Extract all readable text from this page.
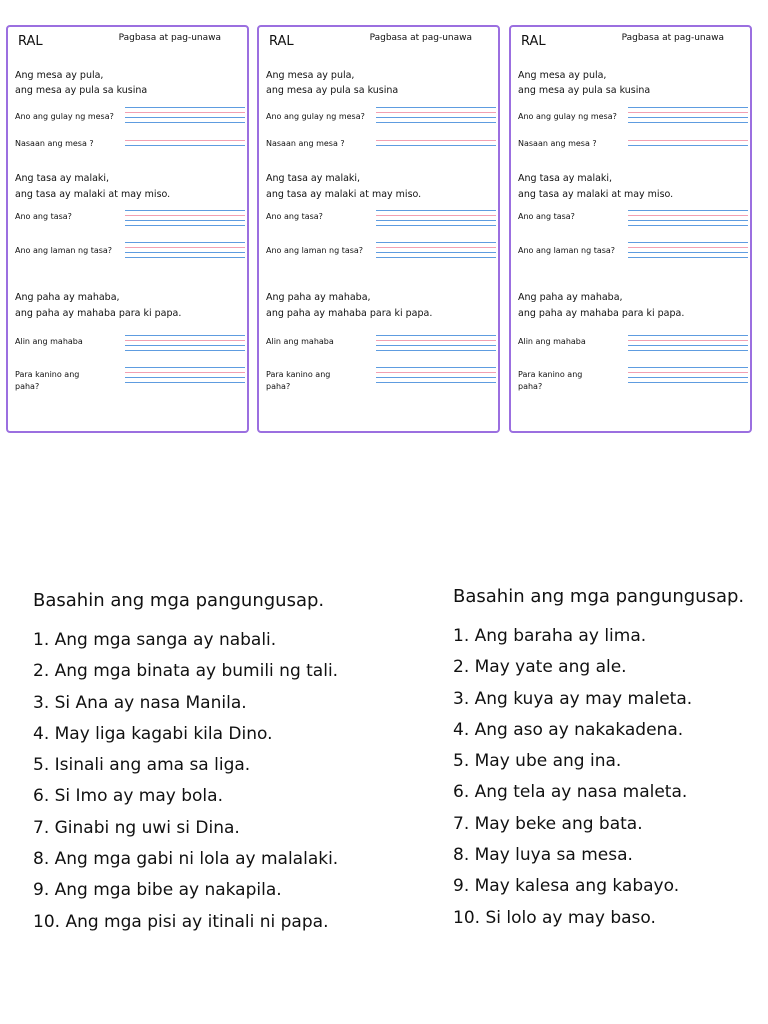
RAL	Pagbasa at pag-unawa
Ang mesa ay pula,
ang mesa ay pula sa kusina
Ano ang gulay ng mesa?
Nasaan ang mesa ?
Ang tasa ay malaki,
ang tasa ay malaki at may miso.
Ano ang tasa?
Ano ang laman ng tasa?
Ang paha ay mahaba,
ang paha ay mahaba para ki papa.
Alin ang mahaba
Para kanino ang
paha?
RAL	Pagbasa at pag-unawa
Ang mesa ay pula,
ang mesa ay pula sa kusina
Ano ang gulay ng mesa?
Nasaan ang mesa ?
Ang tasa ay malaki,
ang tasa ay malaki at may miso.
Ano ang tasa?
Ano ang laman ng tasa?
Ang paha ay mahaba,
ang paha ay mahaba para ki papa.
Alin ang mahaba
Para kanino ang
paha?
RAL	Pagbasa at pag-unawa
Ang mesa ay pula,
ang mesa ay pula sa kusina
Ano ang gulay ng mesa?
Nasaan ang mesa ?
Ang tasa ay malaki,
ang tasa ay malaki at may miso.
Ano ang tasa?
Ano ang laman ng tasa?
Ang paha ay mahaba,
ang paha ay mahaba para ki papa.
Alin ang mahaba
Para kanino ang
paha?
Basahin ang mga pangungusap.
1. Ang mga sanga ay nabali.
2. Ang mga binata ay bumili ng tali.
3. Si Ana ay nasa Manila.
4. May liga kagabi kila Dino.
5. Isinali ang ama sa liga.
6. Si Imo ay may bola.
7. Ginabi ng uwi si Dina.
8. Ang mga gabi ni lola ay malalaki.
9. Ang mga bibe ay nakapila.
10. Ang mga pisi ay itinali ni papa.
Basahin ang mga pangungusap.
1. Ang baraha ay lima.
2. May yate ang ale.
3. Ang kuya ay may maleta.
4. Ang aso ay nakakadena.
5. May ube ang ina.
6. Ang tela ay nasa maleta.
7. May beke ang bata.
8. May luya sa mesa.
9. May kalesa ang kabayo.
10. Si lolo ay may baso.
